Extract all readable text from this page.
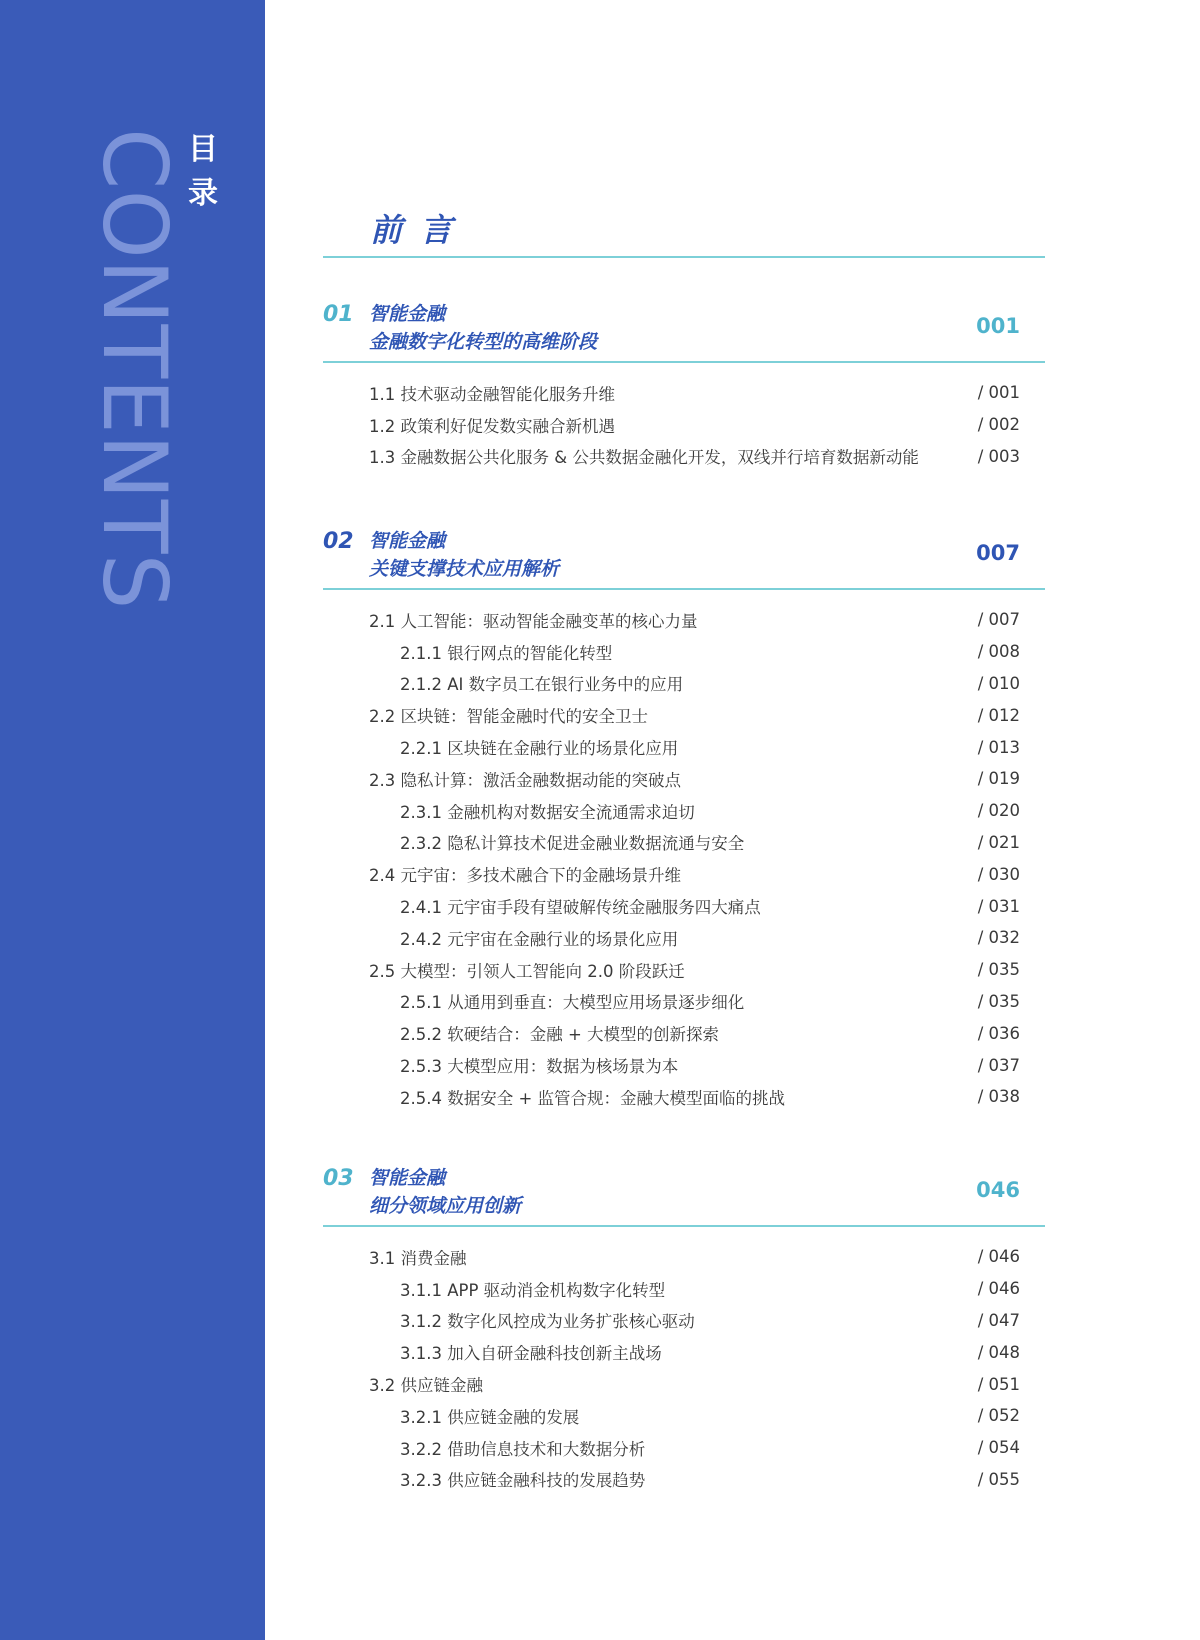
CONTENTS 目
录
前言
01 智能金融
金融数字化转型的高维阶段
001
1.1 技术驱动金融智能化服务升维	/ 001
1.2 政策利好促发数实融合新机遇	/ 002
1.3 金融数据公共化服务 & 公共数据金融化开发，双线并行培育数据新动能	/ 003
02 智能金融
关键支撑技术应用解析
007
2.1 人工智能：驱动智能金融变革的核心力量	/ 007
2.1.1 银行网点的智能化转型	/ 008
2.1.2 AI 数字员工在银行业务中的应用	/ 010
2.2 区块链：智能金融时代的安全卫士	/ 012
2.2.1 区块链在金融行业的场景化应用	/ 013
2.3 隐私计算：激活金融数据动能的突破点	/ 019
2.3.1 金融机构对数据安全流通需求迫切	/ 020
2.3.2 隐私计算技术促进金融业数据流通与安全	/ 021
2.4 元宇宙：多技术融合下的金融场景升维	/ 030
2.4.1 元宇宙手段有望破解传统金融服务四大痛点	/ 031
2.4.2 元宇宙在金融行业的场景化应用	/ 032
2.5 大模型：引领人工智能向 2.0 阶段跃迁	/ 035
2.5.1 从通用到垂直：大模型应用场景逐步细化	/ 035
2.5.2 软硬结合：金融 + 大模型的创新探索	/ 036
2.5.3 大模型应用：数据为核场景为本	/ 037
2.5.4 数据安全 + 监管合规：金融大模型面临的挑战	/ 038
03 智能金融
细分领域应用创新
046
3.1 消费金融	/ 046
3.1.1 APP 驱动消金机构数字化转型	/ 046
3.1.2 数字化风控成为业务扩张核心驱动	/ 047
3.1.3 加入自研金融科技创新主战场	/ 048
3.2 供应链金融	/ 051
3.2.1 供应链金融的发展	/ 052
3.2.2 借助信息技术和大数据分析	/ 054
3.2.3 供应链金融科技的发展趋势	/ 055
